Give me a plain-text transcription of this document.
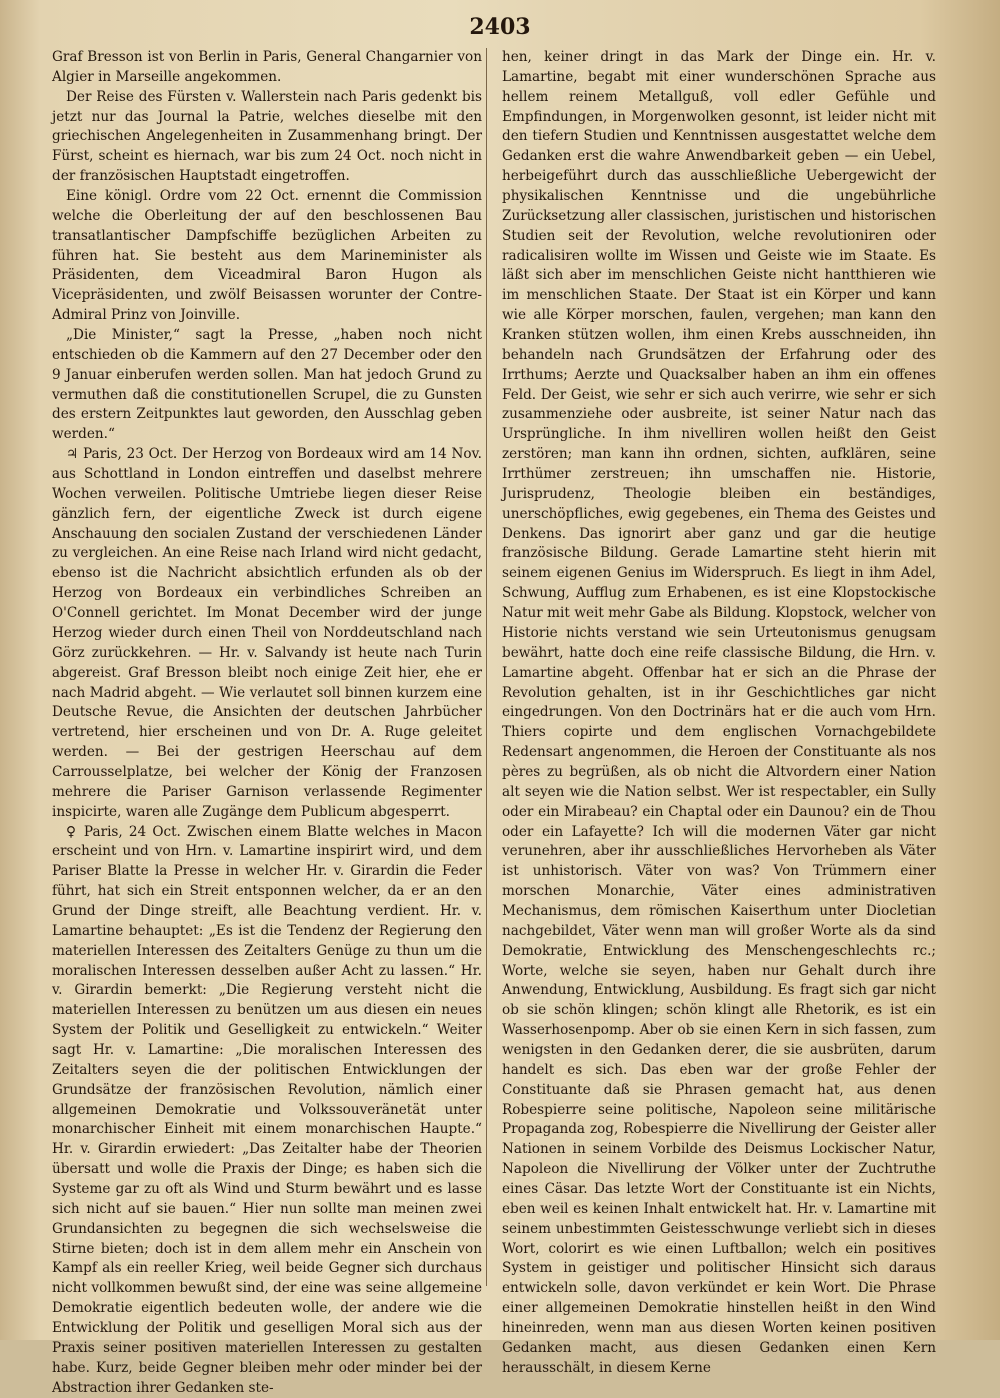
2403

Graf Bresson ist von Berlin in Paris, General Changarnier von Algier in Marseille angekommen.

Der Reise des Fürsten v. Wallerstein nach Paris gedenkt bis jetzt nur das Journal la Patrie, welches dieselbe mit den griechischen Angelegenheiten in Zusammenhang bringt. Der Fürst, scheint es hiernach, war bis zum 24 Oct. noch nicht in der französischen Hauptstadt eingetroffen.

Eine königl. Ordre vom 22 Oct. ernennt die Commission welche die Oberleitung der auf den beschlossenen Bau transatlantischer Dampfschiffe bezüglichen Arbeiten zu führen hat. Sie besteht aus dem Marineminister als Präsidenten, dem Viceadmiral Baron Hugon als Vicepräsidenten, und zwölf Beisassen worunter der Contre-Admiral Prinz von Joinville.

„Die Minister,“ sagt la Presse, „haben noch nicht entschieden ob die Kammern auf den 27 December oder den 9 Januar einberufen werden sollen. Man hat jedoch Grund zu vermuthen daß die constitutionellen Scrupel, die zu Gunsten des erstern Zeitpunktes laut geworden, den Ausschlag geben werden.“

♃ Paris, 23 Oct. Der Herzog von Bordeaux wird am 14 Nov. aus Schottland in London eintreffen und daselbst mehrere Wochen verweilen. Politische Umtriebe liegen dieser Reise gänzlich fern, der eigentliche Zweck ist durch eigene Anschauung den socialen Zustand der verschiedenen Länder zu vergleichen. An eine Reise nach Irland wird nicht gedacht, ebenso ist die Nachricht absichtlich erfunden als ob der Herzog von Bordeaux ein verbindliches Schreiben an O'Connell gerichtet. Im Monat December wird der junge Herzog wieder durch einen Theil von Norddeutschland nach Görz zurückkehren. — Hr. v. Salvandy ist heute nach Turin abgereist. Graf Bresson bleibt noch einige Zeit hier, ehe er nach Madrid abgeht. — Wie verlautet soll binnen kurzem eine Deutsche Revue, die Ansichten der deutschen Jahrbücher vertretend, hier erscheinen und von Dr. A. Ruge geleitet werden. — Bei der gestrigen Heerschau auf dem Carrousselplatze, bei welcher der König der Franzosen mehrere die Pariser Garnison verlassende Regimenter inspicirte, waren alle Zugänge dem Publicum abgesperrt.

♀ Paris, 24 Oct. Zwischen einem Blatte welches in Macon erscheint und von Hrn. v. Lamartine inspirirt wird, und dem Pariser Blatte la Presse in welcher Hr. v. Girardin die Feder führt, hat sich ein Streit entsponnen welcher, da er an den Grund der Dinge streift, alle Beachtung verdient. Hr. v. Lamartine behauptet: „Es ist die Tendenz der Regierung den materiellen Interessen des Zeitalters Genüge zu thun um die moralischen Interessen desselben außer Acht zu lassen.“ Hr. v. Girardin bemerkt: „Die Regierung versteht nicht die materiellen Interessen zu benützen um aus diesen ein neues System der Politik und Geselligkeit zu entwickeln.“ Weiter sagt Hr. v. Lamartine: „Die moralischen Interessen des Zeitalters seyen die der politischen Entwicklungen der Grundsätze der französischen Revolution, nämlich einer allgemeinen Demokratie und Volkssouveränetät unter monarchischer Einheit mit einem monarchischen Haupte.“ Hr. v. Girardin erwiedert: „Das Zeitalter habe der Theorien übersatt und wolle die Praxis der Dinge; es haben sich die Systeme gar zu oft als Wind und Sturm bewährt und es lasse sich nicht auf sie bauen.“ Hier nun sollte man meinen zwei Grundansichten zu begegnen die sich wechselsweise die Stirne bieten; doch ist in dem allem mehr ein Anschein von Kampf als ein reeller Krieg, weil beide Gegner sich durchaus nicht vollkommen bewußt sind, der eine was seine allgemeine Demokratie eigentlich bedeuten wolle, der andere wie die Entwicklung der Politik und geselligen Moral sich aus der Praxis seiner positiven materiellen Interessen zu gestalten habe. Kurz, beide Gegner bleiben mehr oder minder bei der Abstraction ihrer Gedanken ste-

hen, keiner dringt in das Mark der Dinge ein. Hr. v. Lamartine, begabt mit einer wunderschönen Sprache aus hellem reinem Metallguß, voll edler Gefühle und Empfindungen, in Morgenwolken gesonnt, ist leider nicht mit den tiefern Studien und Kenntnissen ausgestattet welche dem Gedanken erst die wahre Anwendbarkeit geben — ein Uebel, herbeigeführt durch das ausschließliche Uebergewicht der physikalischen Kenntnisse und die ungebührliche Zurücksetzung aller classischen, juristischen und historischen Studien seit der Revolution, welche revolutioniren oder radicalisiren wollte im Wissen und Geiste wie im Staate. Es läßt sich aber im menschlichen Geiste nicht hantthieren wie im menschlichen Staate. Der Staat ist ein Körper und kann wie alle Körper morschen, faulen, vergehen; man kann den Kranken stützen wollen, ihm einen Krebs ausschneiden, ihn behandeln nach Grundsätzen der Erfahrung oder des Irrthums; Aerzte und Quacksalber haben an ihm ein offenes Feld. Der Geist, wie sehr er sich auch verirre, wie sehr er sich zusammenziehe oder ausbreite, ist seiner Natur nach das Ursprüngliche. In ihm nivelliren wollen heißt den Geist zerstören; man kann ihn ordnen, sichten, aufklären, seine Irrthümer zerstreuen; ihn umschaffen nie. Historie, Jurisprudenz, Theologie bleiben ein beständiges, unerschöpfliches, ewig gegebenes, ein Thema des Geistes und Denkens. Das ignorirt aber ganz und gar die heutige französische Bildung. Gerade Lamartine steht hierin mit seinem eigenen Genius im Widerspruch. Es liegt in ihm Adel, Schwung, Aufflug zum Erhabenen, es ist eine Klopstockische Natur mit weit mehr Gabe als Bildung. Klopstock, welcher von Historie nichts verstand wie sein Urteutonismus genugsam bewährt, hatte doch eine reife classische Bildung, die Hrn. v. Lamartine abgeht. Offenbar hat er sich an die Phrase der Revolution gehalten, ist in ihr Geschichtliches gar nicht eingedrungen. Von den Doctrinärs hat er die auch vom Hrn. Thiers copirte und dem englischen Vornachgebildete Redensart angenommen, die Heroen der Constituante als nos pères zu begrüßen, als ob nicht die Altvordern einer Nation alt seyen wie die Nation selbst. Wer ist respectabler, ein Sully oder ein Mirabeau? ein Chaptal oder ein Daunou? ein de Thou oder ein Lafayette? Ich will die modernen Väter gar nicht verunehren, aber ihr ausschließliches Hervorheben als Väter ist unhistorisch. Väter von was? Von Trümmern einer morschen Monarchie, Väter eines administrativen Mechanismus, dem römischen Kaiserthum unter Diocletian nachgebildet, Väter wenn man will großer Worte als da sind Demokratie, Entwicklung des Menschengeschlechts rc.; Worte, welche sie seyen, haben nur Gehalt durch ihre Anwendung, Entwicklung, Ausbildung. Es fragt sich gar nicht ob sie schön klingen; schön klingt alle Rhetorik, es ist ein Wasserhosenpomp. Aber ob sie einen Kern in sich fassen, zum wenigsten in den Gedanken derer, die sie ausbrüten, darum handelt es sich. Das eben war der große Fehler der Constituante daß sie Phrasen gemacht hat, aus denen Robespierre seine politische, Napoleon seine militärische Propaganda zog, Robespierre die Nivellirung der Geister aller Nationen in seinem Vorbilde des Deismus Lockischer Natur, Napoleon die Nivellirung der Völker unter der Zuchtruthe eines Cäsar. Das letzte Wort der Constituante ist ein Nichts, eben weil es keinen Inhalt entwickelt hat. Hr. v. Lamartine mit seinem unbestimmten Geistesschwunge verliebt sich in dieses Wort, colorirt es wie einen Luftballon; welch ein positives System in geistiger und politischer Hinsicht sich daraus entwickeln solle, davon verkündet er kein Wort. Die Phrase einer allgemeinen Demokratie hinstellen heißt in den Wind hineinreden, wenn man aus diesen Worten keinen positiven Gedanken macht, aus diesen Gedanken einen Kern herausschält, in diesem Kerne
